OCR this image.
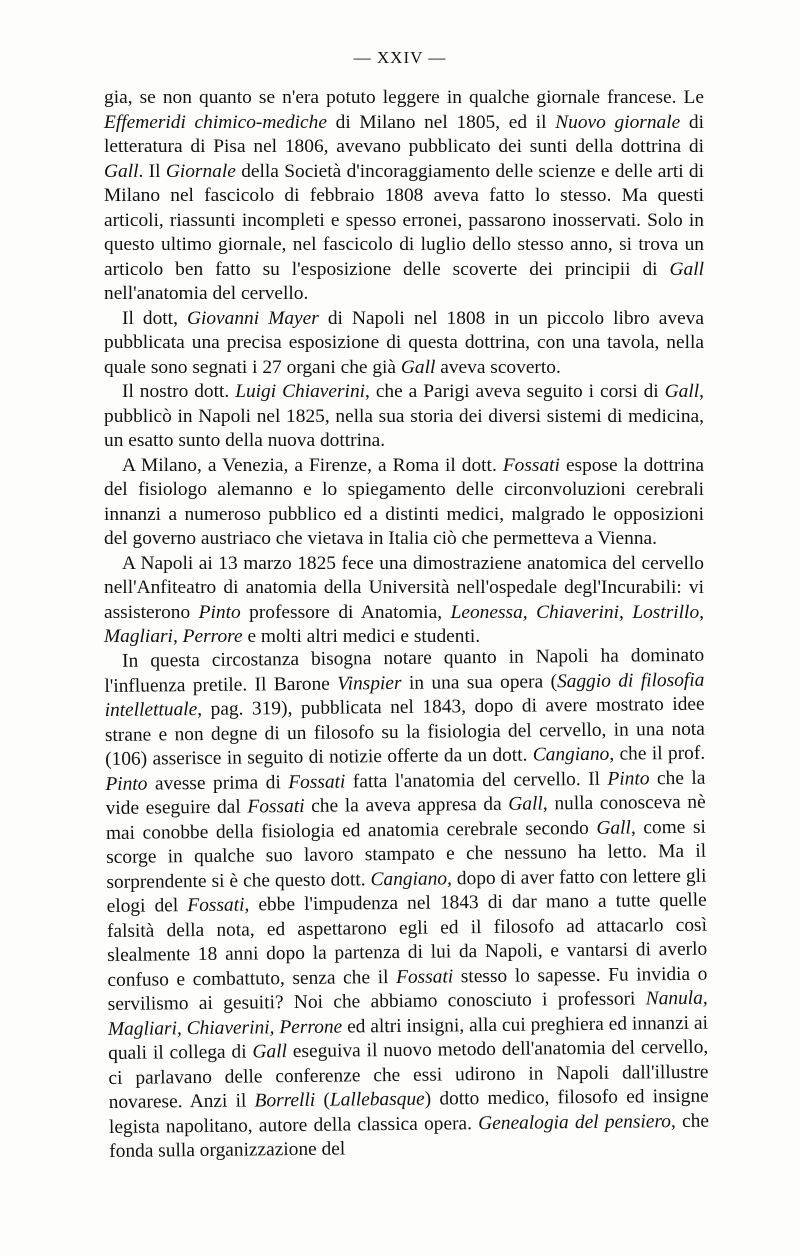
— XXIV —

gia, se non quanto se n'era potuto leggere in qualche giornale francese. Le Effemeridi chimico-mediche di Milano nel 1805, ed il Nuovo giornale di letteratura di Pisa nel 1806, avevano pubblicato dei sunti della dottrina di Gall. Il Giornale della Società d'incoraggiamento delle scienze e delle arti di Milano nel fascicolo di febbraio 1808 aveva fatto lo stesso. Ma questi articoli, riassunti incompleti e spesso erronei, passarono inosservati. Solo in questo ultimo giornale, nel fascicolo di luglio dello stesso anno, si trova un articolo ben fatto su l'esposizione delle scoverte dei principii di Gall nell'anatomia del cervello.

Il dott, Giovanni Mayer di Napoli nel 1808 in un piccolo libro aveva pubblicata una precisa esposizione di questa dottrina, con una tavola, nella quale sono segnati i 27 organi che già Gall aveva scoverto.

Il nostro dott. Luigi Chiaverini, che a Parigi aveva seguito i corsi di Gall, pubblicò in Napoli nel 1825, nella sua storia dei diversi sistemi di medicina, un esatto sunto della nuova dottrina.

A Milano, a Venezia, a Firenze, a Roma il dott. Fossati espose la dottrina del fisiologo alemanno e lo spiegamento delle circonvoluzioni cerebrali innanzi a numeroso pubblico ed a distinti medici, malgrado le opposizioni del governo austriaco che vietava in Italia ciò che permetteva a Vienna.

A Napoli ai 13 marzo 1825 fece una dimostraziene anatomica del cervello nell'Anfiteatro di anatomia della Università nell'ospedale degl'Incurabili: vi assisterono Pinto professore di Anatomia, Leonessa, Chiaverini, Lostrillo, Magliari, Perrore e molti altri medici e studenti.

In questa circostanza bisogna notare quanto in Napoli ha dominato l'influenza pretile. Il Barone Vinspier in una sua opera (Saggio di filosofia intellettuale, pag. 319), pubblicata nel 1843, dopo di avere mostrato idee strane e non degne di un filosofo su la fisiologia del cervello, in una nota (106) asserisce in seguito di notizie offerte da un dott. Cangiano, che il prof. Pinto avesse prima di Fossati fatta l'anatomia del cervello. Il Pinto che la vide eseguire dal Fossati che la aveva appresa da Gall, nulla conosceva nè mai conobbe della fisiologia ed anatomia cerebrale secondo Gall, come si scorge in qualche suo lavoro stampato e che nessuno ha letto. Ma il sorprendente si è che questo dott. Cangiano, dopo di aver fatto con lettere gli elogi del Fossati, ebbe l'impudenza nel 1843 di dar mano a tutte quelle falsità della nota, ed aspettarono egli ed il filosofo ad attacarlo così slealmente 18 anni dopo la partenza di lui da Napoli, e vantarsi di averlo confuso e combattuto, senza che il Fossati stesso lo sapesse. Fu invidia o servilismo ai gesuiti? Noi che abbiamo conosciuto i professori Nanula, Magliari, Chiaverini, Perrone ed altri insigni, alla cui preghiera ed innanzi ai quali il collega di Gall eseguiva il nuovo metodo dell'anatomia del cervello, ci parlavano delle conferenze che essi udirono in Napoli dall'illustre novarese. Anzi il Borrelli (Lallebasque) dotto medico, filosofo ed insigne legista napolitano, autore della classica opera. Genealogia del pensiero, che fonda sulla organizzazione del
